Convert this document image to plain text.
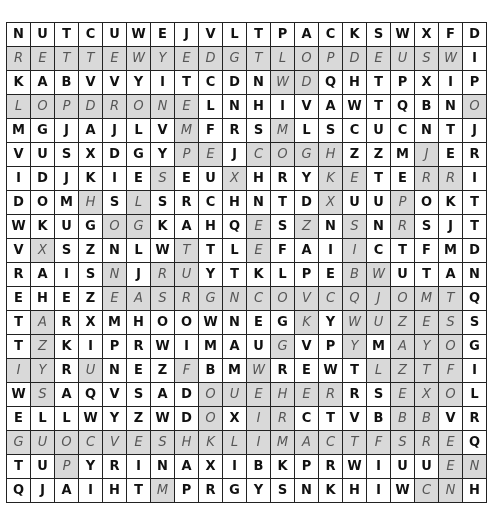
N	U	T	C	U	W	E	J	V	L	T	P	A	C	K	S	W	X	F	D
R	E	T	T	E	W	Y	E	D	G	T	L	O	P	D	E	U	S	W	I
K	A	B	V	V	Y	I	T	C	D	N	W	D	Q	H	T	P	X	I	P
L	O	P	D	R	O	N	E	L	N	H	I	V	A	W	T	Q	B	N	O
M	G	J	A	J	L	V	M	F	R	S	M	L	S	C	U	C	N	T	J
V	U	S	X	D	G	Y	P	E	J	C	O	G	H	Z	Z	M	J	E	R
I	D	J	K	I	E	S	E	U	X	H	R	Y	K	E	T	E	R	R	I
D	O	M	H	S	L	S	R	C	H	N	T	D	X	U	U	P	O	K	T
W	K	U	G	O	G	K	A	H	Q	E	S	Z	N	S	N	R	S	J	T
V	X	S	Z	N	L	W	T	T	L	E	F	A	I	I	C	T	F	M	D
R	A	I	S	N	J	R	U	Y	T	K	L	P	E	B	W	U	T	A	N
E	H	E	Z	E	A	S	R	G	N	C	O	V	C	Q	J	O	M	T	Q
T	A	R	X	M	H	O	O	W	N	E	G	K	Y	W	U	Z	E	S	S
T	Z	K	I	P	R	W	I	M	A	U	G	V	P	Y	M	A	Y	O	G
I	Y	R	U	N	E	Z	F	B	M	W	R	E	W	T	L	Z	T	F	I
W	S	A	Q	V	S	A	D	O	U	E	H	E	R	R	S	E	X	O	L
E	L	L	W	Y	Z	W	D	O	X	I	R	C	T	V	B	B	B	V	R
G	U	O	C	V	E	S	H	K	L	I	M	A	C	T	F	S	R	E	Q
T	U	P	Y	R	I	N	A	X	I	B	K	P	R	W	I	U	U	E	N
Q	J	A	I	H	T	M	P	R	G	Y	S	N	K	H	I	W	C	N	H
